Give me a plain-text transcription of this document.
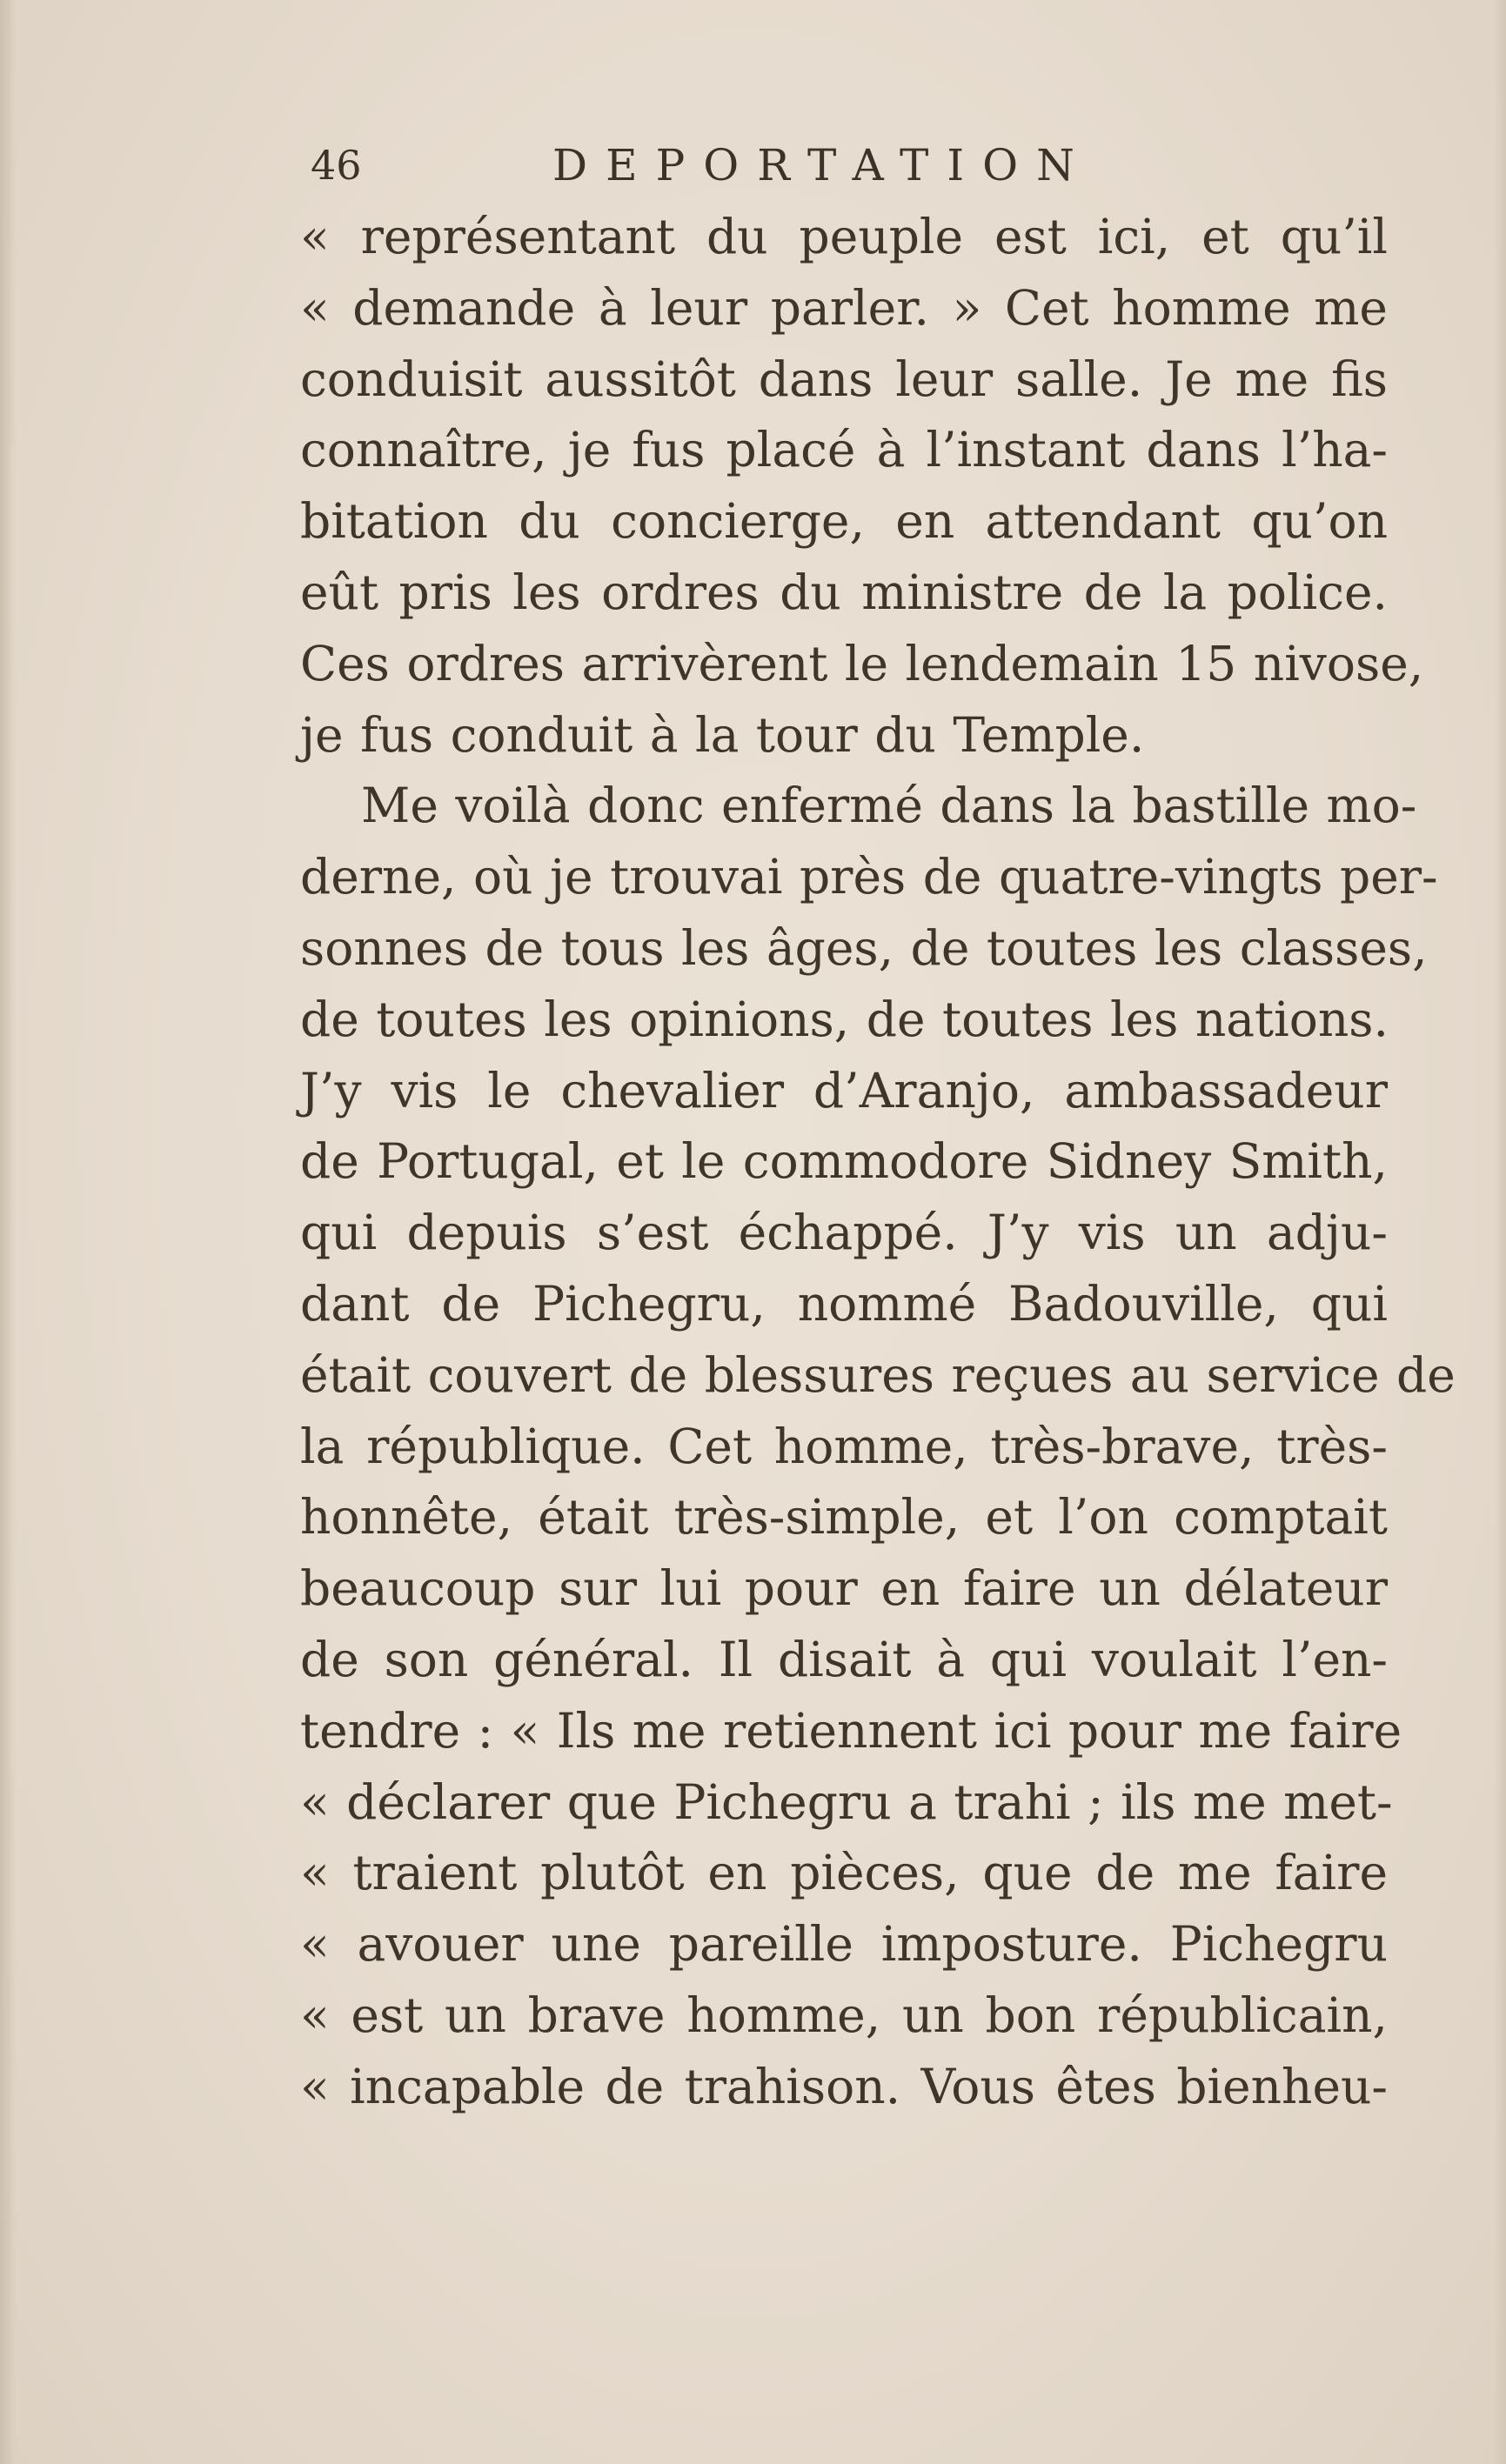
46	DEPORTATION
« représentant du peuple est ici, et qu’il
« demande à leur parler. » Cet homme me
conduisit aussitôt dans leur salle. Je me fis
connaître, je fus placé à l’instant dans l’ha-
bitation du concierge, en attendant qu’on
eût pris les ordres du ministre de la police.
Ces ordres arrivèrent le lendemain 15 nivose,
je fus conduit à la tour du Temple.
Me voilà donc enfermé dans la bastille mo-
derne, où je trouvai près de quatre-vingts per-
sonnes de tous les âges, de toutes les classes,
de toutes les opinions, de toutes les nations.
J’y vis le chevalier d’Aranjo, ambassadeur
de Portugal, et le commodore Sidney Smith,
qui depuis s’est échappé. J’y vis un adju-
dant de Pichegru, nommé Badouville, qui
était couvert de blessures reçues au service de
la république. Cet homme, très-brave, très-
honnête, était très-simple, et l’on comptait
beaucoup sur lui pour en faire un délateur
de son général. Il disait à qui voulait l’en-
tendre : « Ils me retiennent ici pour me faire
« déclarer que Pichegru a trahi ; ils me met-
« traient plutôt en pièces, que de me faire
« avouer une pareille imposture. Pichegru
« est un brave homme, un bon républicain,
« incapable de trahison. Vous êtes bienheu-
